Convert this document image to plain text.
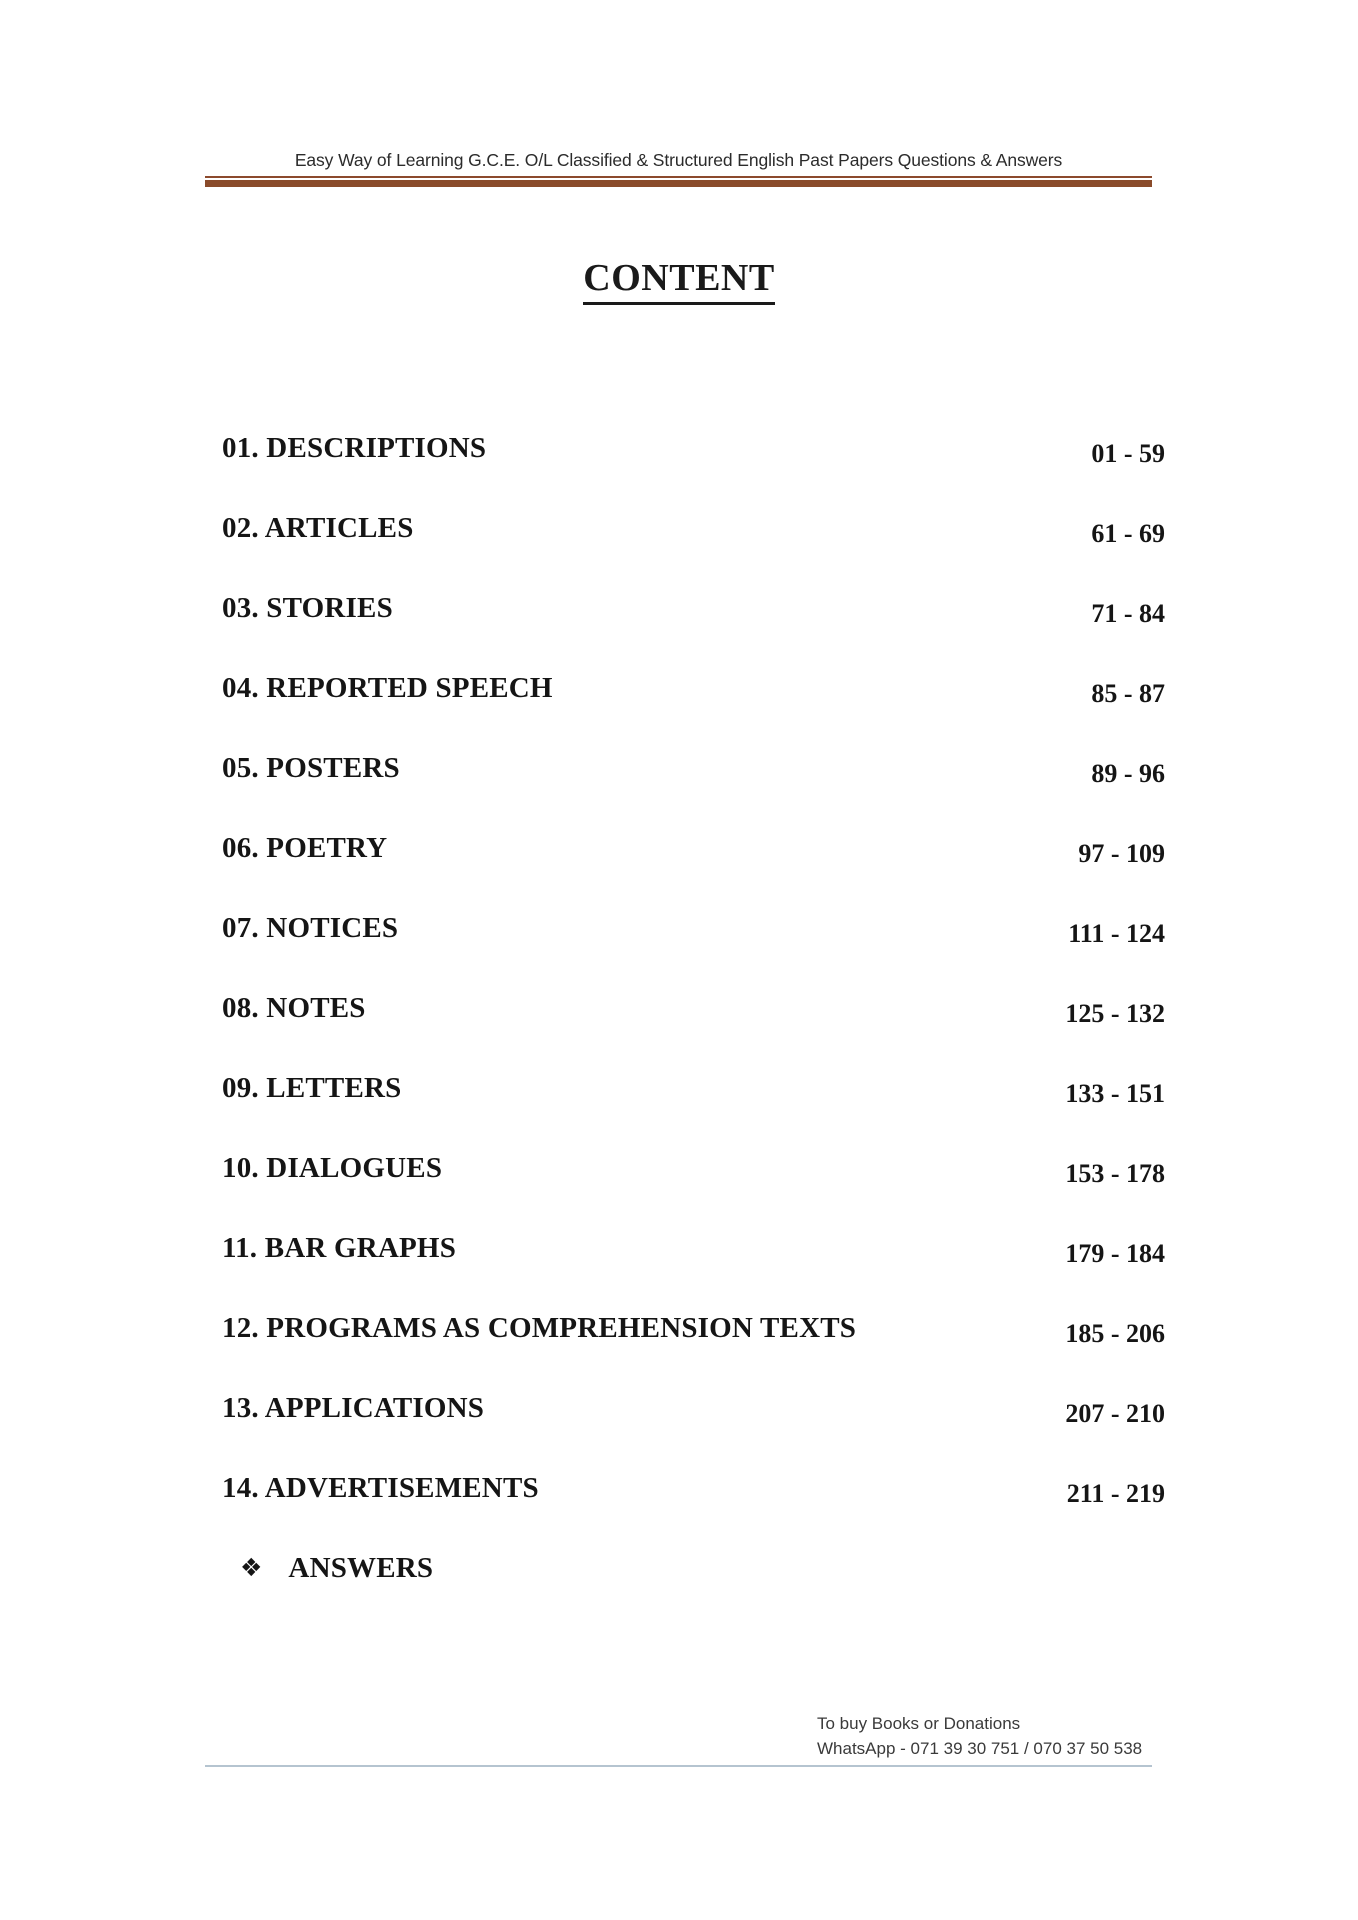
Easy Way of Learning G.C.E. O/L Classified & Structured English Past Papers Questions & Answers
CONTENT
01. DESCRIPTIONS	01 - 59
02. ARTICLES	61 - 69
03. STORIES	71 - 84
04. REPORTED SPEECH	85 - 87
05. POSTERS	89 - 96
06. POETRY	97 - 109
07. NOTICES	111 - 124
08. NOTES	125 - 132
09. LETTERS	133 - 151
10. DIALOGUES	153 - 178
11. BAR GRAPHS	179 - 184
12. PROGRAMS AS COMPREHENSION TEXTS	185 - 206
13. APPLICATIONS	207 - 210
14. ADVERTISEMENTS	211 - 219
❖ ANSWERS
To buy Books or Donations
WhatsApp - 071 39 30 751 / 070 37 50 538
